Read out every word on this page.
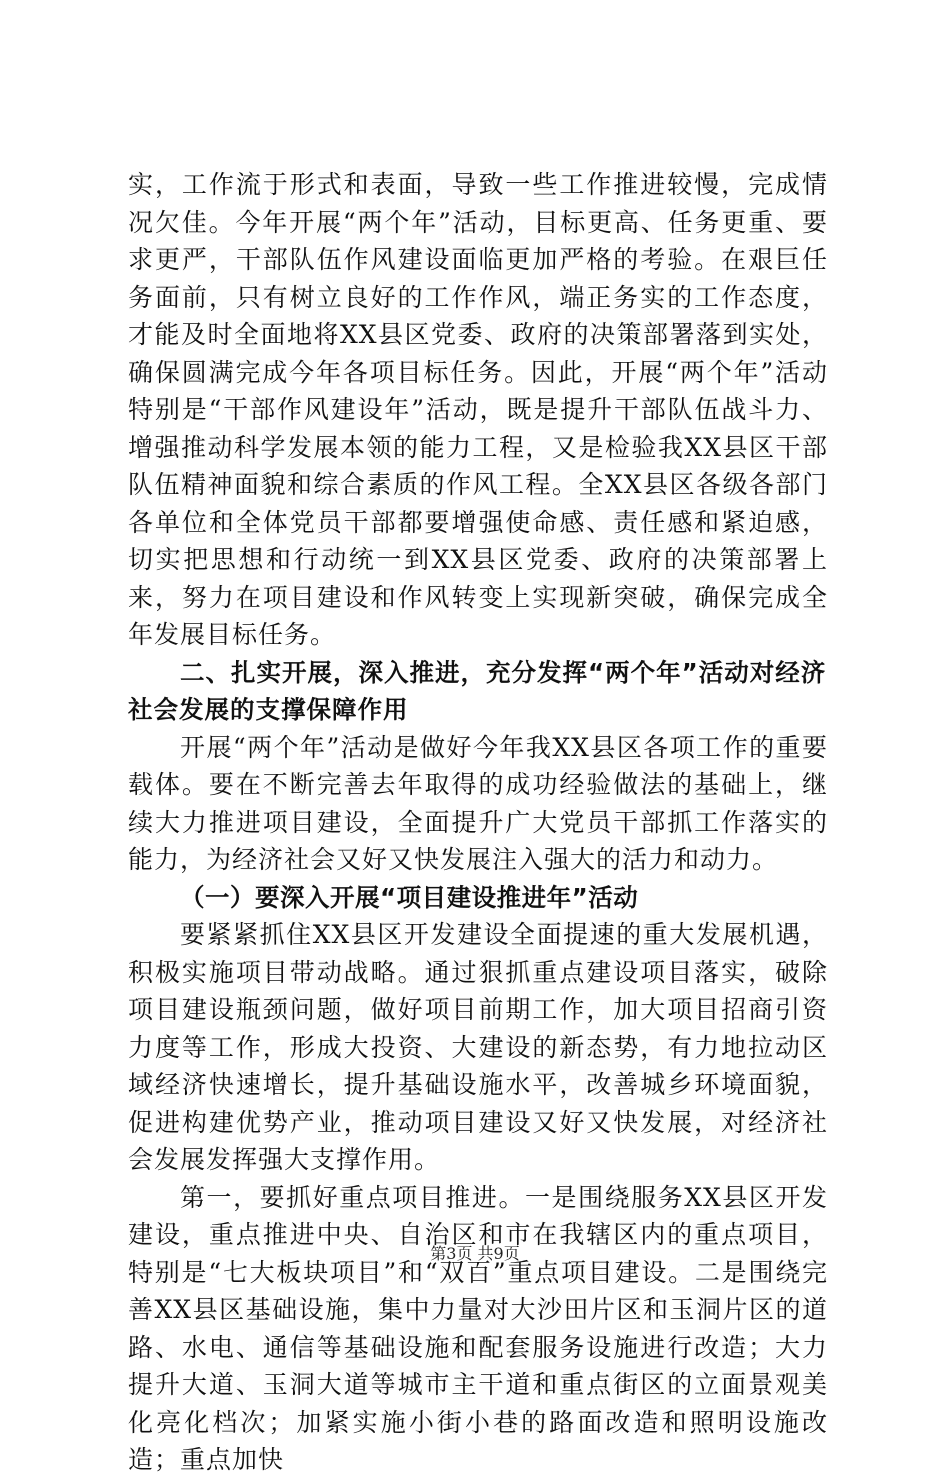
实，工作流于形式和表面，导致一些工作推进较慢，完成情况欠佳。今年开展“两个年”活动，目标更高、任务更重、要求更严，干部队伍作风建设面临更加严格的考验。在艰巨任务面前，只有树立良好的工作作风，端正务实的工作态度，才能及时全面地将XX县区党委、政府的决策部署落到实处，确保圆满完成今年各项目标任务。因此，开展“两个年”活动特别是“干部作风建设年”活动，既是提升干部队伍战斗力、增强推动科学发展本领的能力工程，又是检验我XX县区干部队伍精神面貌和综合素质的作风工程。全XX县区各级各部门各单位和全体党员干部都要增强使命感、责任感和紧迫感，切实把思想和行动统一到XX县区党委、政府的决策部署上来，努力在项目建设和作风转变上实现新突破，确保完成全年发展目标任务。

二、扎实开展，深入推进，充分发挥“两个年”活动对经济社会发展的支撑保障作用

开展“两个年”活动是做好今年我XX县区各项工作的重要载体。要在不断完善去年取得的成功经验做法的基础上，继续大力推进项目建设，全面提升广大党员干部抓工作落实的能力，为经济社会又好又快发展注入强大的活力和动力。

（一）要深入开展“项目建设推进年”活动

要紧紧抓住XX县区开发建设全面提速的重大发展机遇，积极实施项目带动战略。通过狠抓重点建设项目落实，破除项目建设瓶颈问题，做好项目前期工作，加大项目招商引资力度等工作，形成大投资、大建设的新态势，有力地拉动区域经济快速增长，提升基础设施水平，改善城乡环境面貌，促进构建优势产业，推动项目建设又好又快发展，对经济社会发展发挥强大支撑作用。

第一，要抓好重点项目推进。一是围绕服务XX县区开发建设，重点推进中央、自治区和市在我辖区内的重点项目，特别是“七大板块项目”和“双百”重点项目建设。二是围绕完善XX县区基础设施，集中力量对大沙田片区和玉洞片区的道路、水电、通信等基础设施和配套服务设施进行改造；大力提升大道、玉洞大道等城市主干道和重点街区的立面景观美化亮化档次；加紧实施小街小巷的路面改造和照明设施改造；重点加快

第3页 共9页
